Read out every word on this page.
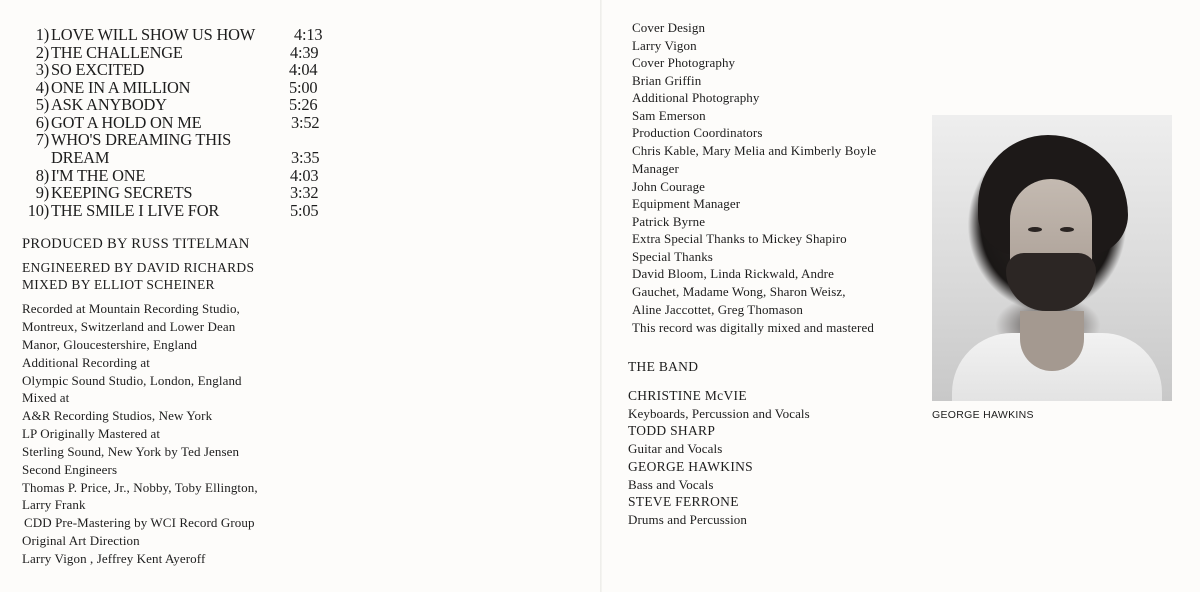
1) LOVE WILL SHOW US HOW 4:13
2) THE CHALLENGE	4:39
3) SO EXCITED	4:04
4) ONE IN A MILLION	5:00
5) ASK ANYBODY	5:26
6) GOT A HOLD ON ME	3:52
7) WHO'S DREAMING THIS
DREAM	3:35
8) I'M THE ONE	4:03
9) KEEPING SECRETS	3:32
10) THE SMILE I LIVE FOR	5:05
PRODUCED BY RUSS TITELMAN
ENGINEERED BY DAVID RICHARDS
MIXED BY ELLIOT SCHEINER
Recorded at Mountain Recording Studio,
Montreux, Switzerland and Lower Dean
Manor, Gloucestershire, England
Additional Recording at
Olympic Sound Studio, London, England
Mixed at
A&R Recording Studios, New York
LP Originally Mastered at
Sterling Sound, New York by Ted Jensen
Second Engineers
Thomas P. Price, Jr., Nobby, Toby Ellington,
Larry Frank
CDD Pre-Mastering by WCI Record Group
Original Art Direction
Larry Vigon , Jeffrey Kent Ayeroff
Cover Design
Larry Vigon
Cover Photography
Brian Griffin
Additional Photography
Sam Emerson
Production Coordinators
Chris Kable, Mary Melia and Kimberly Boyle
Manager
John Courage
Equipment Manager
Patrick Byrne
Extra Special Thanks to Mickey Shapiro
Special Thanks
David Bloom, Linda Rickwald, Andre
Gauchet, Madame Wong, Sharon Weisz,
Aline Jaccottet, Greg Thomason
This record was digitally mixed and mastered
THE BAND
CHRISTINE McVIE
Keyboards, Percussion and Vocals
TODD SHARP
Guitar and Vocals
GEORGE HAWKINS
Bass and Vocals
STEVE FERRONE
Drums and Percussion
GEORGE HAWKINS
